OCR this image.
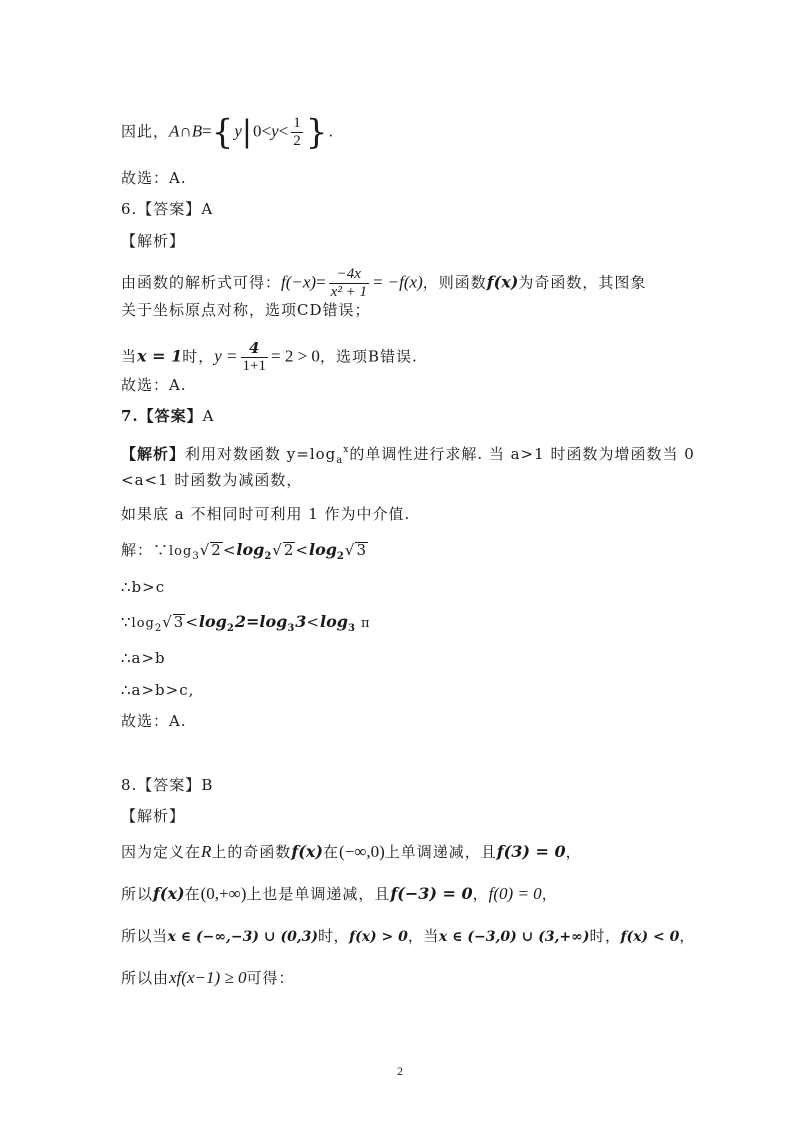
因此，A∩B={y|0<y< $\frac{1}{2}$ }.
故选：A.
6.【答案】A
【解析】
由函数的解析式可得：$f(-x)= \frac{-4x}{\text{x² + 1}} = -f(x)$，则函数f(x)为奇函数，其图象
关于坐标原点对称，选项CD错误；
当x = 1时，$y = \frac{4}{1+1} = 2 > 0$，选项B错误.
故选：A.
7.【答案】A
【解析】利用对数函数 $y=\log_a^x$的单调性进行求解. 当 a>1 时函数为增函数当 0
<a<1 时函数为减函数，
如果底 a 不相同时可利用 1 作为中介值.
解：$\because\log_3√2<\log_2√2<\log_2√3$
∴b>c
$\because\log_2√3<\log_22=\log_33<\log_3$ π
∴a>b
∴a>b>c,
故选：A.
8.【答案】B
【解析】
因为定义在R上的奇函数f(x)在(−∞,0)上单调递减，且f(3) = 0，
所以f(x)在(0,+∞)上也是单调递减，且f(−3) = 0，f(0) = 0，
所以当x ∈ (−∞,−3) ∪ (0,3)时，f(x) > 0，当x ∈ (−3,0) ∪ (3,+∞)时，f(x) < 0，
所以由xf(x−1) ≥ 0可得：
2
